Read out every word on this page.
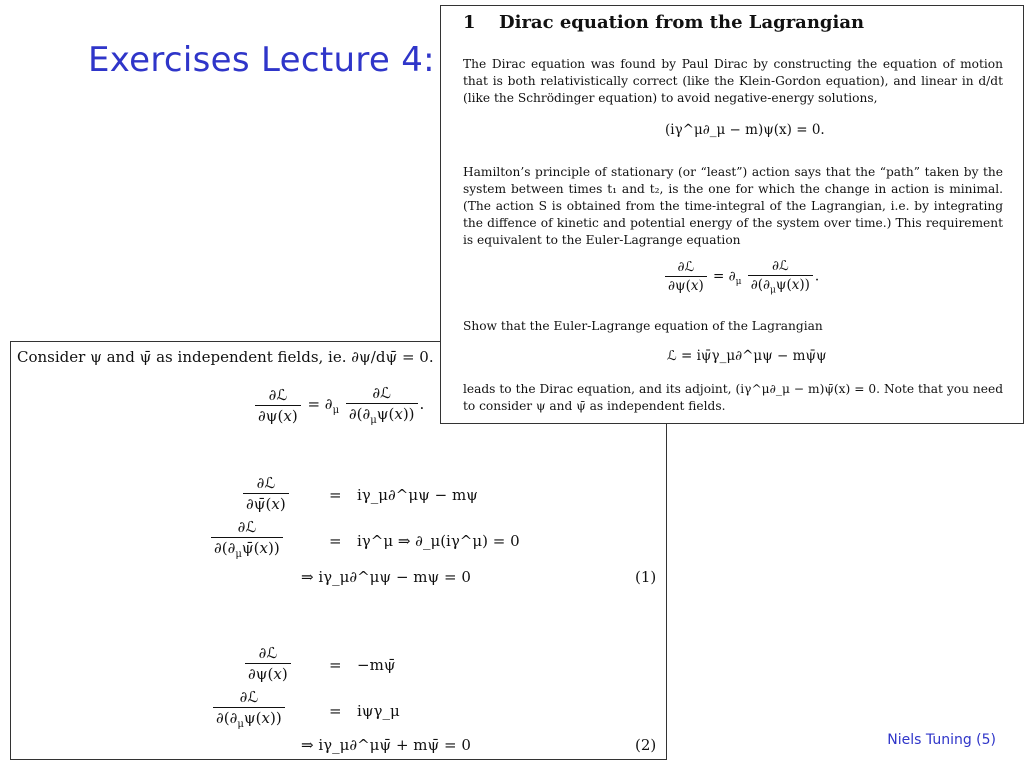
Exercises Lecture 4:
Consider ψ and ψ̄ as independent fields, ie. ∂ψ/dψ̄ = 0.
$\frac{\text{∂ℒ}}{\partial\psi(x)} = \partial_\mu \frac{\text{∂ℒ}}{\partial(\partial_\mu\psi(x))}$ .
$\frac{\text{∂ℒ}}{\partial\psī(x)}$	=	iγ_μ∂^μψ − mψ
$\frac{\text{∂ℒ}}{\partial(\partial_\mu\psī(x))}$	=	iγ^μ ⇒ ∂_μ(iγ^μ) = 0
⇒ iγ_μ∂^μψ − mψ = 0	(1)
$\frac{\text{∂ℒ}}{\partial\psi(x)}$	=	−mψ̄
$\frac{\text{∂ℒ}}{\partial(\partial_\mu\psi(x))}$	=	iψγ_μ
⇒ iγ_μ∂^μψ̄ + mψ̄ = 0	(2)
1 Dirac equation from the Lagrangian
The Dirac equation was found by Paul Dirac by constructing the equation of motion that is both relativistically correct (like the Klein-Gordon equation), and linear in d/dt (like the Schrödinger equation) to avoid negative-energy solutions,
(iγ^μ∂_μ − m)ψ(x) = 0.
Hamilton’s principle of stationary (or “least”) action says that the “path” taken by the system between times t₁ and t₂, is the one for which the change in action is minimal. (The action S is obtained from the time-integral of the Lagrangian, i.e. by integrating the diffence of kinetic and potential energy of the system over time.) This requirement is equivalent to the Euler-Lagrange equation
$\frac{\text{∂ℒ}}{\partial\psi(x)} = \partial_\mu \frac{\text{∂ℒ}}{\partial(\partial_\mu\psi(x))}$ .
Show that the Euler-Lagrange equation of the Lagrangian
ℒ = iψ̄γ_μ∂^μψ − mψ̄ψ
leads to the Dirac equation, and its adjoint, (iγ^μ∂_μ − m)ψ̄(x) = 0. Note that you need to consider ψ and ψ̄ as independent fields.
Niels Tuning (5)
